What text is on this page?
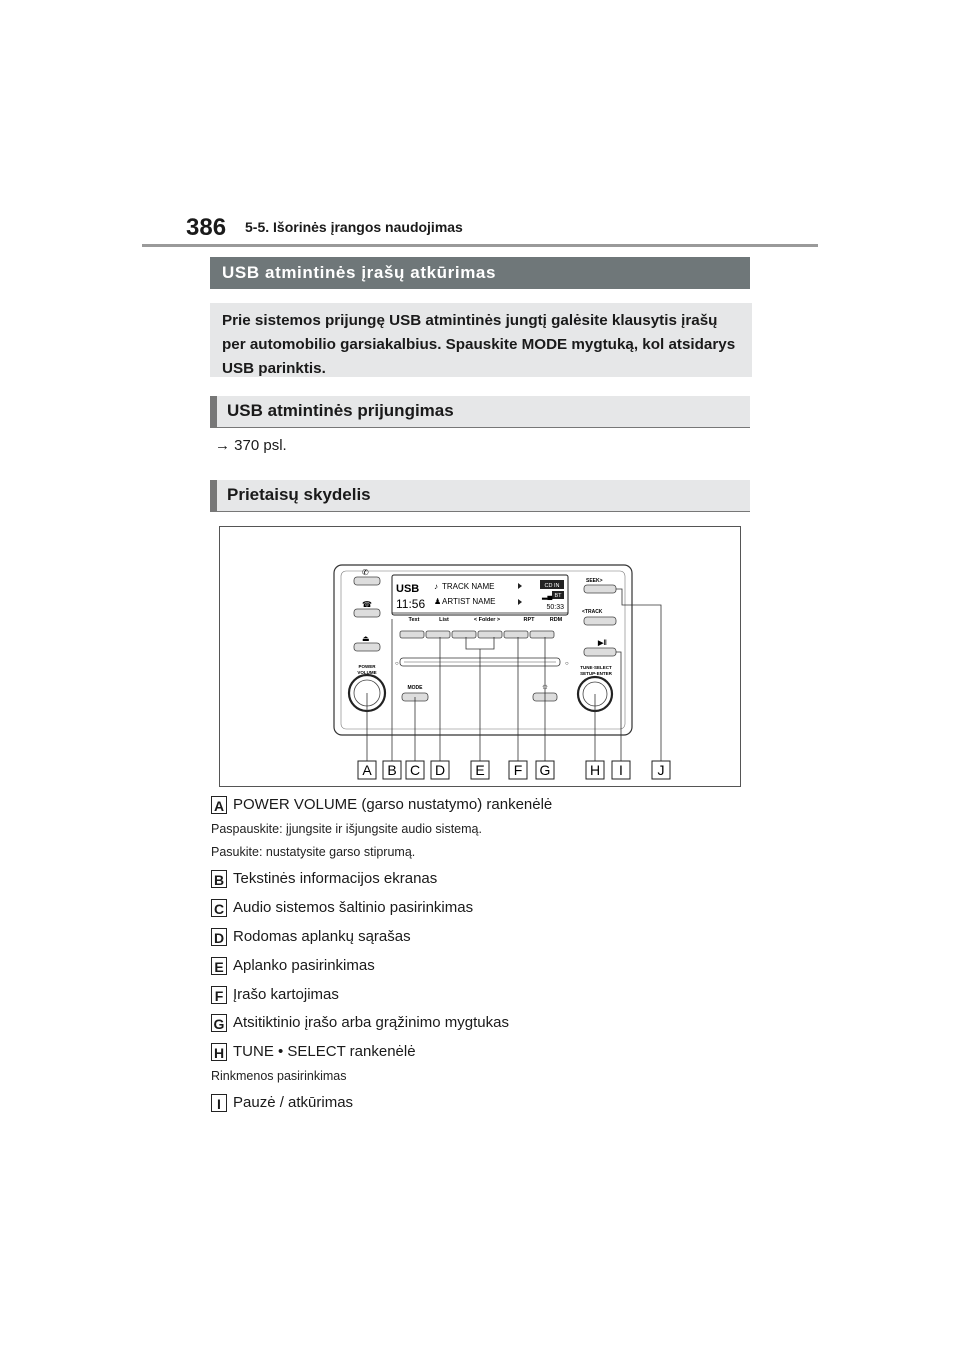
386 5-5. Išorinės įrangos naudojimas
USB atmintinės įrašų atkūrimas
Prie sistemos prijungę USB atmintinės jungtį galėsite klausytis įrašų per automobilio garsiakalbius. Spauskite MODE mygtuką, kol atsidarys USB parinktis.
USB atmintinės prijungimas
→ 370 psl.
Prietaisų skydelis
✆
☎
⏏
POWER
VOLUME
USB
11:56
♪ TRACK NAME
♟ ARTIST NAME
CD IN
BT
▂▄
50:33
Text	List	< Folder >	RPT	RDM
○	○
MODE	☼
SEEK>
<TRACK
▶‖
TUNE·SELECT
SETUP·ENTER
A B C D E F G	H I J
A POWER VOLUME (garso nustatymo) rankenėlė
Paspauskite: įjungsite ir išjungsite audio sistemą.
Pasukite: nustatysite garso stiprumą.
B Tekstinės informacijos ekranas
C Audio sistemos šaltinio pasirinkimas
D Rodomas aplankų sąrašas
E Aplanko pasirinkimas
F Įrašo kartojimas
G Atsitiktinio įrašo arba grąžinimo mygtukas
H TUNE • SELECT rankenėlė
Rinkmenos pasirinkimas
I Pauzė / atkūrimas
